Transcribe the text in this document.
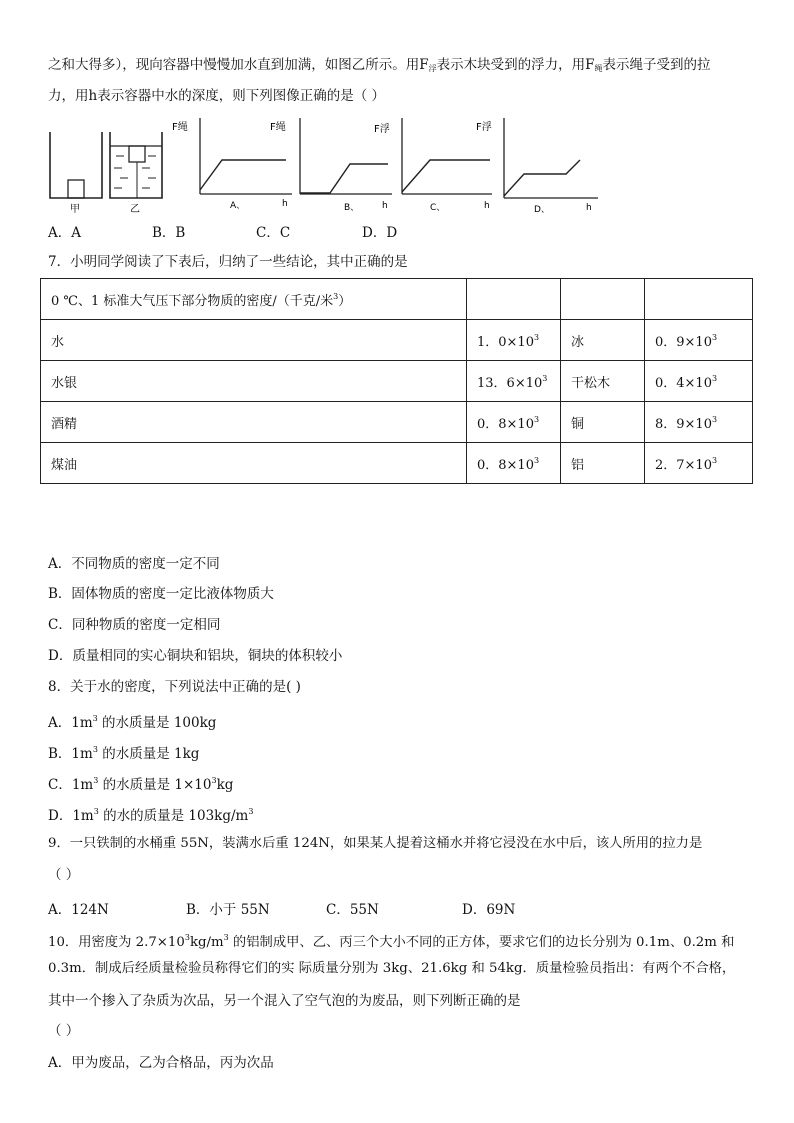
之和大得多），现向容器中慢慢加水直到加满，如图乙所示。用$F_浮$表示木块受到的浮力，用$F_绳$表示绳子受到的拉
力，用h表示容器中水的深度，则下列图像正确的是（ ）
甲	乙
F绳
A、	h
F绳
B、	h
F浮
C、	h
F浮
D、	h
A．A	B．B	C．C	D．D
7．小明同学阅读了下表后，归纳了一些结论，其中正确的是
0 ℃、1 标准大气压下部分物质的密度/（千克/米$^3$）			
水	1．$0\times 10^3$	冰	0．$9\times 10^3$
水银	13．$6\times 10^3$	干松木	0．$4\times 10^3$
酒精	0．$8\times 10^3$	铜	8．$9\times 10^3$
煤油	0．$8\times 10^3$	铝	2．$7\times 10^3$
A．不同物质的密度一定不同
B．固体物质的密度一定比液体物质大
C．同种物质的密度一定相同
D．质量相同的实心铜块和铝块，铜块的体积较小
8．关于水的密度，下列说法中正确的是( )
A．$1m^3$ 的水质量是 100kg
B．$1m^3$ 的水质量是 1kg
C．$1m^3$ 的水质量是 $1\times 10^3kg$
D．$1m^3$ 的水的质量是 $103kg/m^3$
9．一只铁制的水桶重 55N，装满水后重 124N，如果某人提着这桶水并将它浸没在水中后，该人所用的拉力是
（ ）
A．124N	B．小于 55N	C．55N	D．69N
10．用密度为 $2.7\times 10^3kg/m^3$ 的铝制成甲、乙、丙三个大小不同的正方体，要求它们的边长分别为 0.1m、0.2m 和
0.3m．制成后经质量检验员称得它们的实 际质量分别为 3kg、21.6kg 和 54kg．质量检验员指出：有两个不合格，
其中一个掺入了杂质为次品，另一个混入了空气泡的为废品，则下列断正确的是
（ ）
A．甲为废品，乙为合格品，丙为次品
